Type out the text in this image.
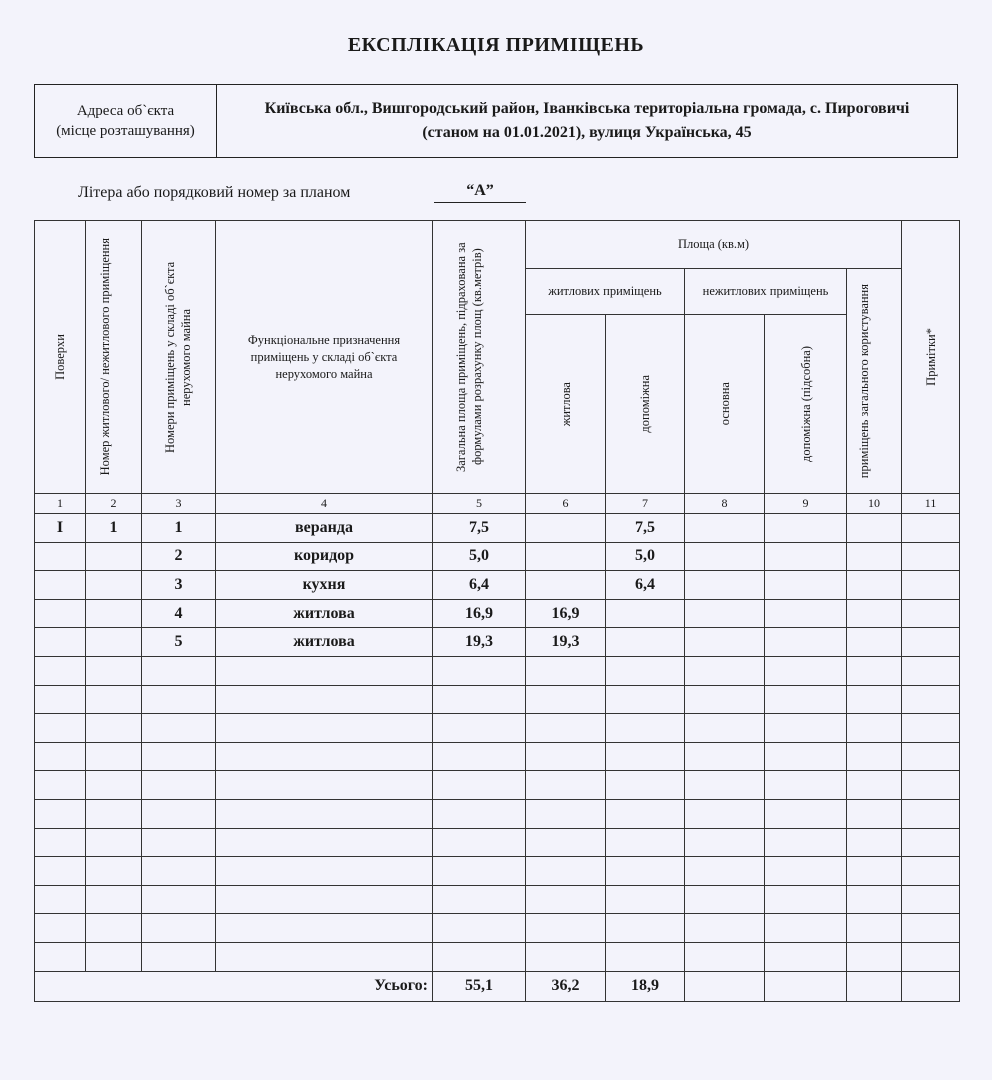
ЕКСПЛІКАЦІЯ ПРИМІЩЕНЬ
Адреса об`єкта
(місце розташування)
Київська обл., Вишгородський район, Іванківська територіальна громада, с. Пироговичі
(станом на 01.01.2021), вулиця Українська, 45
Літера або порядковий номер за планом	“А”
Поверхи	Номер житлового/ нежитлового приміщення	Номери приміщень у складі об`єкта нерухомого майна	Функціональне призначення приміщень у складі об`єкта нерухомого майна	Загальна площа приміщень, підрахована за формулами розрахунку площ (кв.метрів)	Площа (кв.м)					Примітки*

					житлових приміщень		нежитлових приміщень		приміщень загального користування	

					житлова	допоміжна	основна	допоміжна (підсобна)		

1	2	3	4	5	6	7	8	9	10	11
I	1	1	веранда	7,5		7,5				
		2	коридор	5,0		5,0				
		3	кухня	6,4		6,4				
		4	житлова	16,9	16,9					
		5	житлова	19,3	19,3					

Усього:				55,1	36,2	18,9				
